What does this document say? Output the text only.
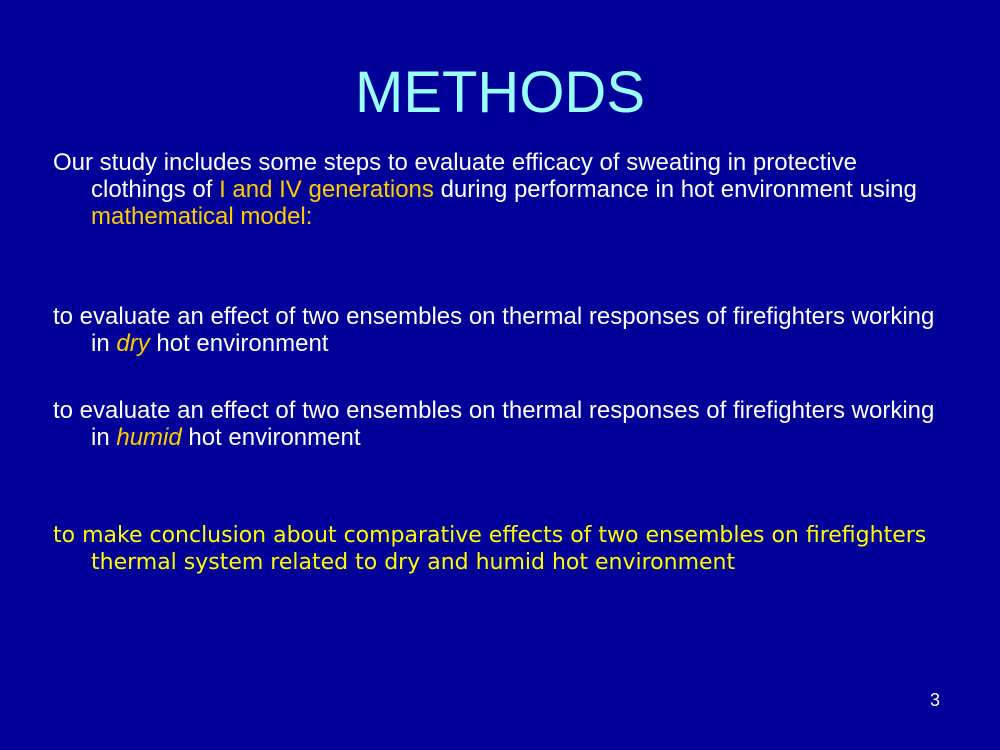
METHODS
Our study includes some steps to evaluate efficacy of sweating in protective clothings of I and IV generations during performance in hot environment using mathematical model:
to evaluate an effect of two ensembles on thermal responses of firefighters working in dry hot environment
to evaluate an effect of two ensembles on thermal responses of firefighters working in humid hot environment
to make conclusion about comparative effects of two ensembles on firefighters thermal system related to dry and humid hot environment
3
